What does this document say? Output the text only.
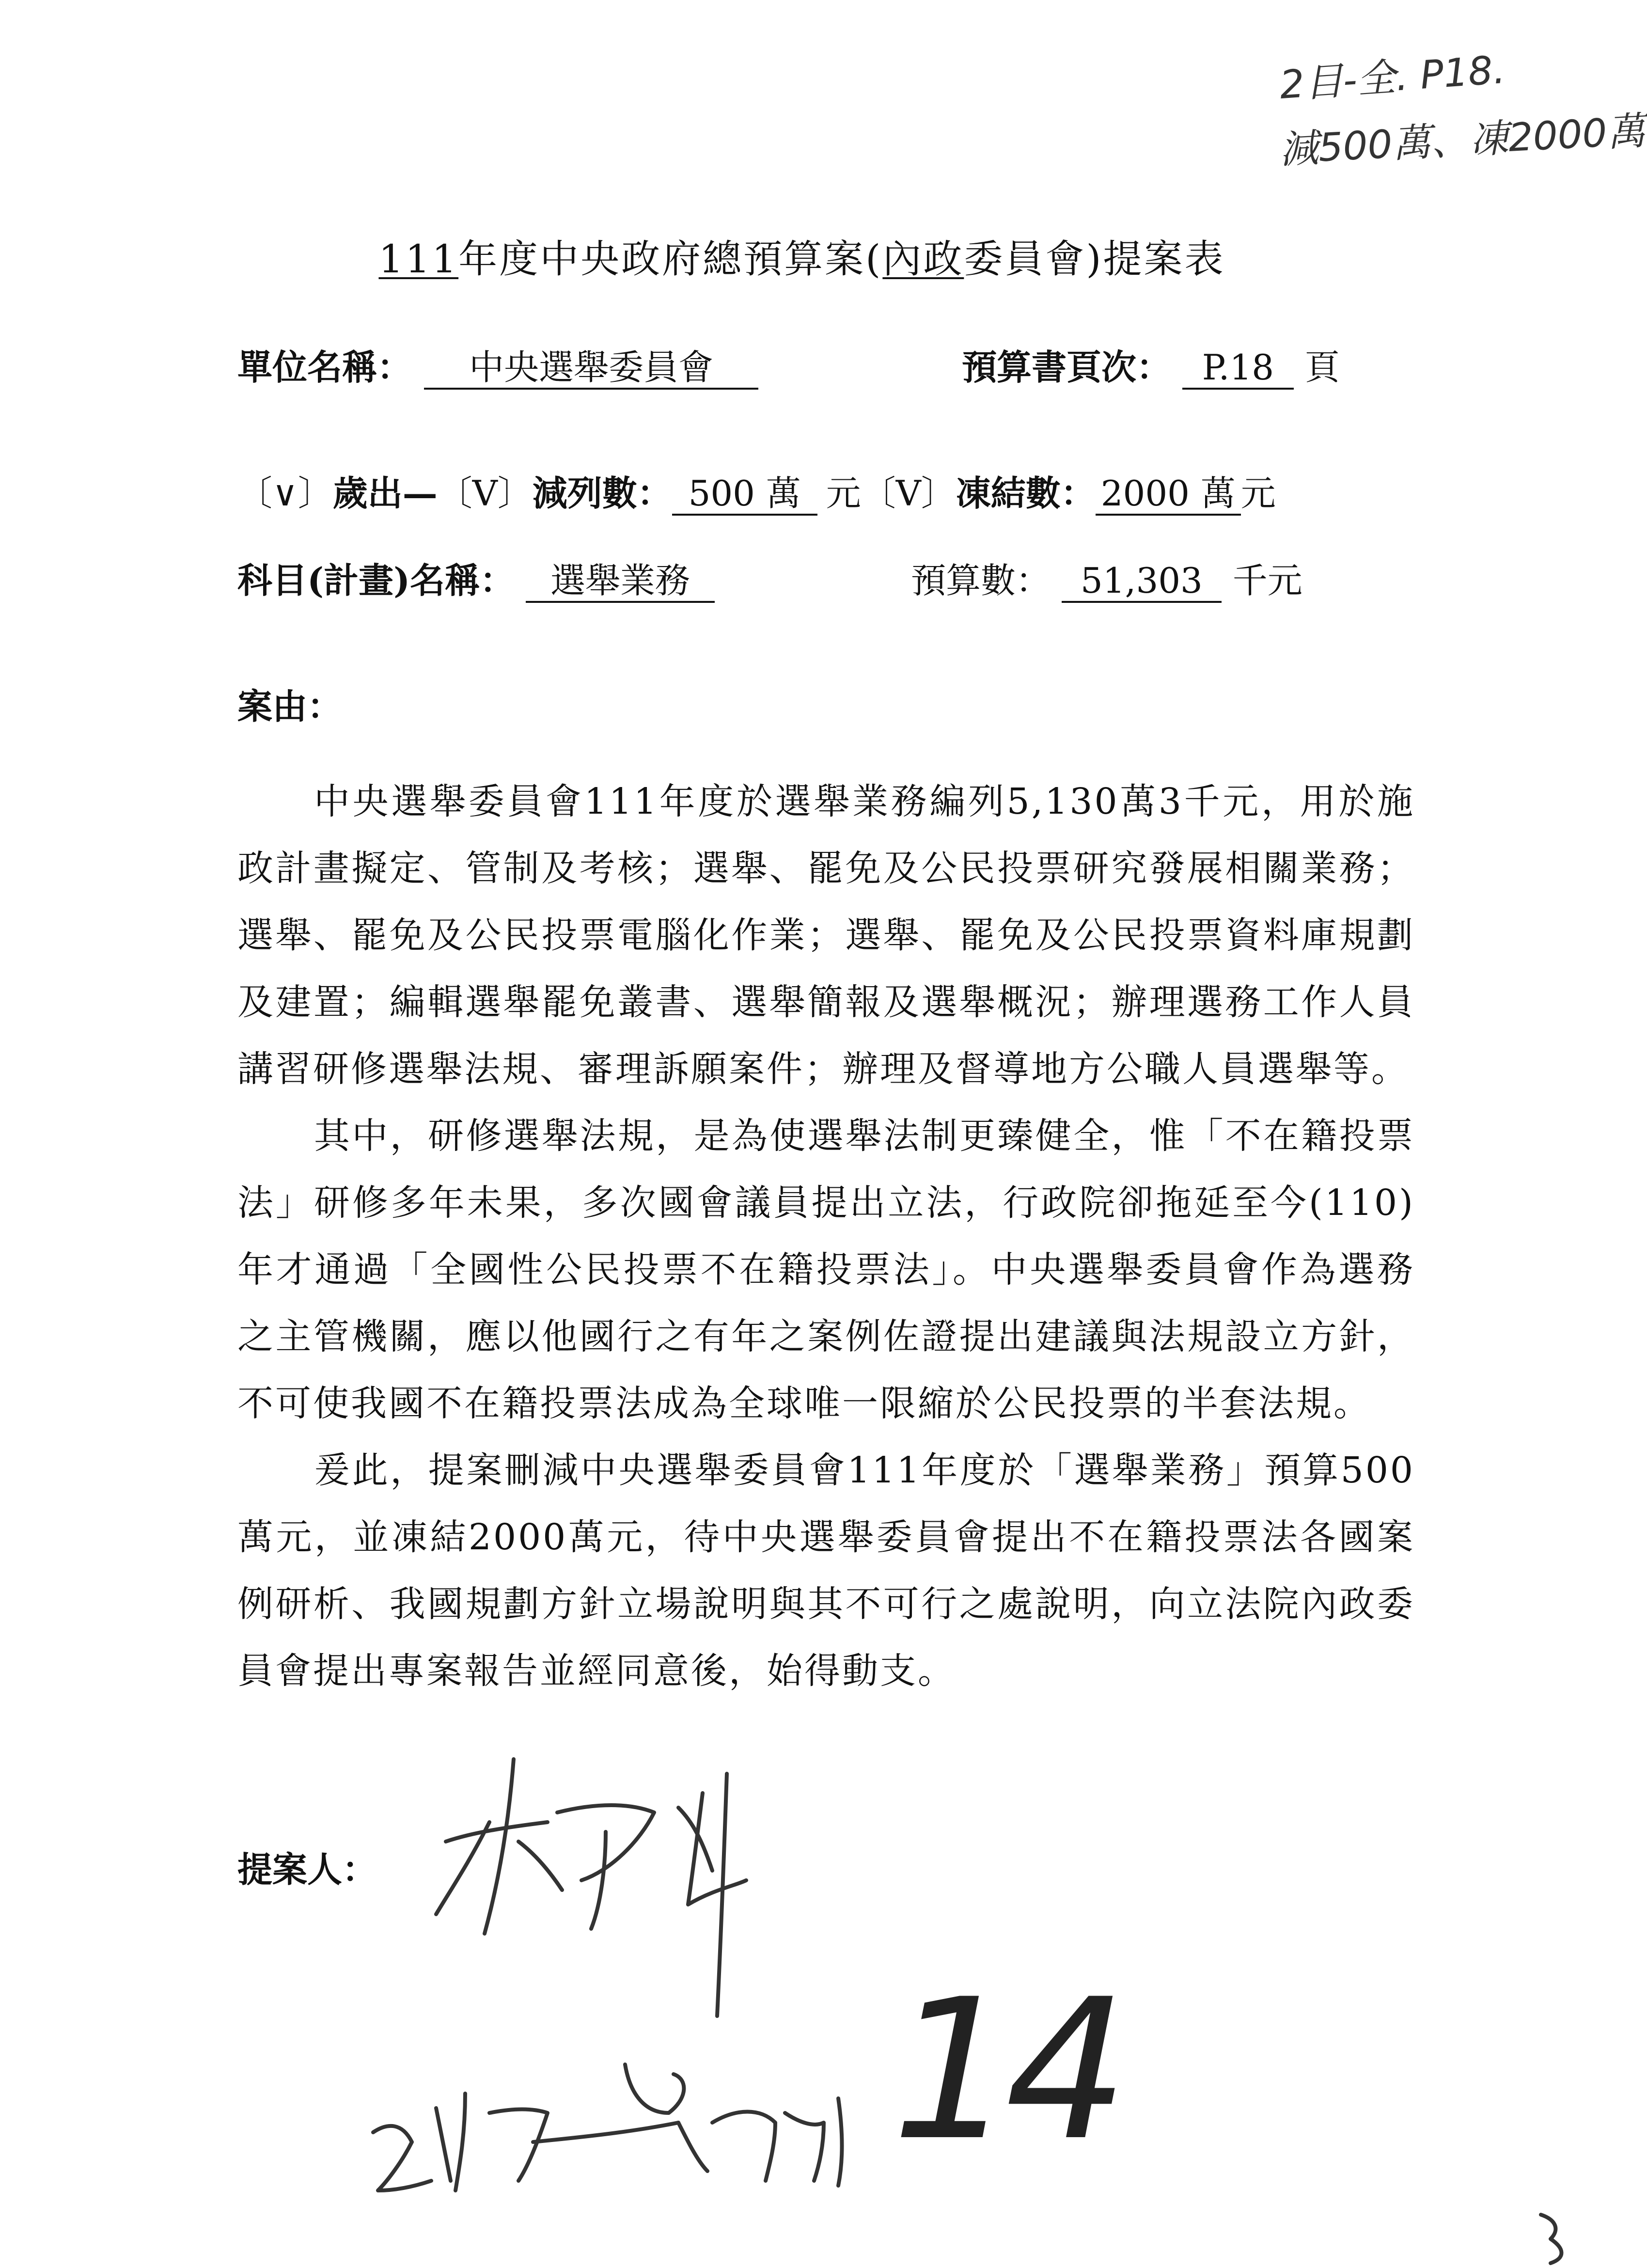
2目-全. P18.
減500萬、凍2000萬
111年度中央政府總預算案(內政委員會)提案表
單位名稱： 中央選舉委員會	預算書頁次： P.18 頁
〔∨〕歲出—〔V〕減列數： 500 萬 元〔V〕凍結數： 2000 萬 元
科目(計畫)名稱： 選舉業務	預算數： 51,303 千元
案由：

中央選舉委員會111年度於選舉業務編列5,130萬3千元，用於施政計畫擬定、管制及考核；選舉、罷免及公民投票研究發展相關業務；選舉、罷免及公民投票電腦化作業；選舉、罷免及公民投票資料庫規劃及建置；編輯選舉罷免叢書、選舉簡報及選舉概況；辦理選務工作人員講習研修選舉法規、審理訴願案件；辦理及督導地方公職人員選舉等。

其中，研修選舉法規，是為使選舉法制更臻健全，惟「不在籍投票法」研修多年未果，多次國會議員提出立法，行政院卻拖延至今(110)年才通過「全國性公民投票不在籍投票法」。中央選舉委員會作為選務之主管機關，應以他國行之有年之案例佐證提出建議與法規設立方針，不可使我國不在籍投票法成為全球唯一限縮於公民投票的半套法規。

爰此，提案刪減中央選舉委員會111年度於「選舉業務」預算500萬元，並凍結2000萬元，待中央選舉委員會提出不在籍投票法各國案例研析、我國規劃方針立場說明與其不可行之處說明，向立法院內政委員會提出專案報告並經同意後，始得動支。

提案人：
14
